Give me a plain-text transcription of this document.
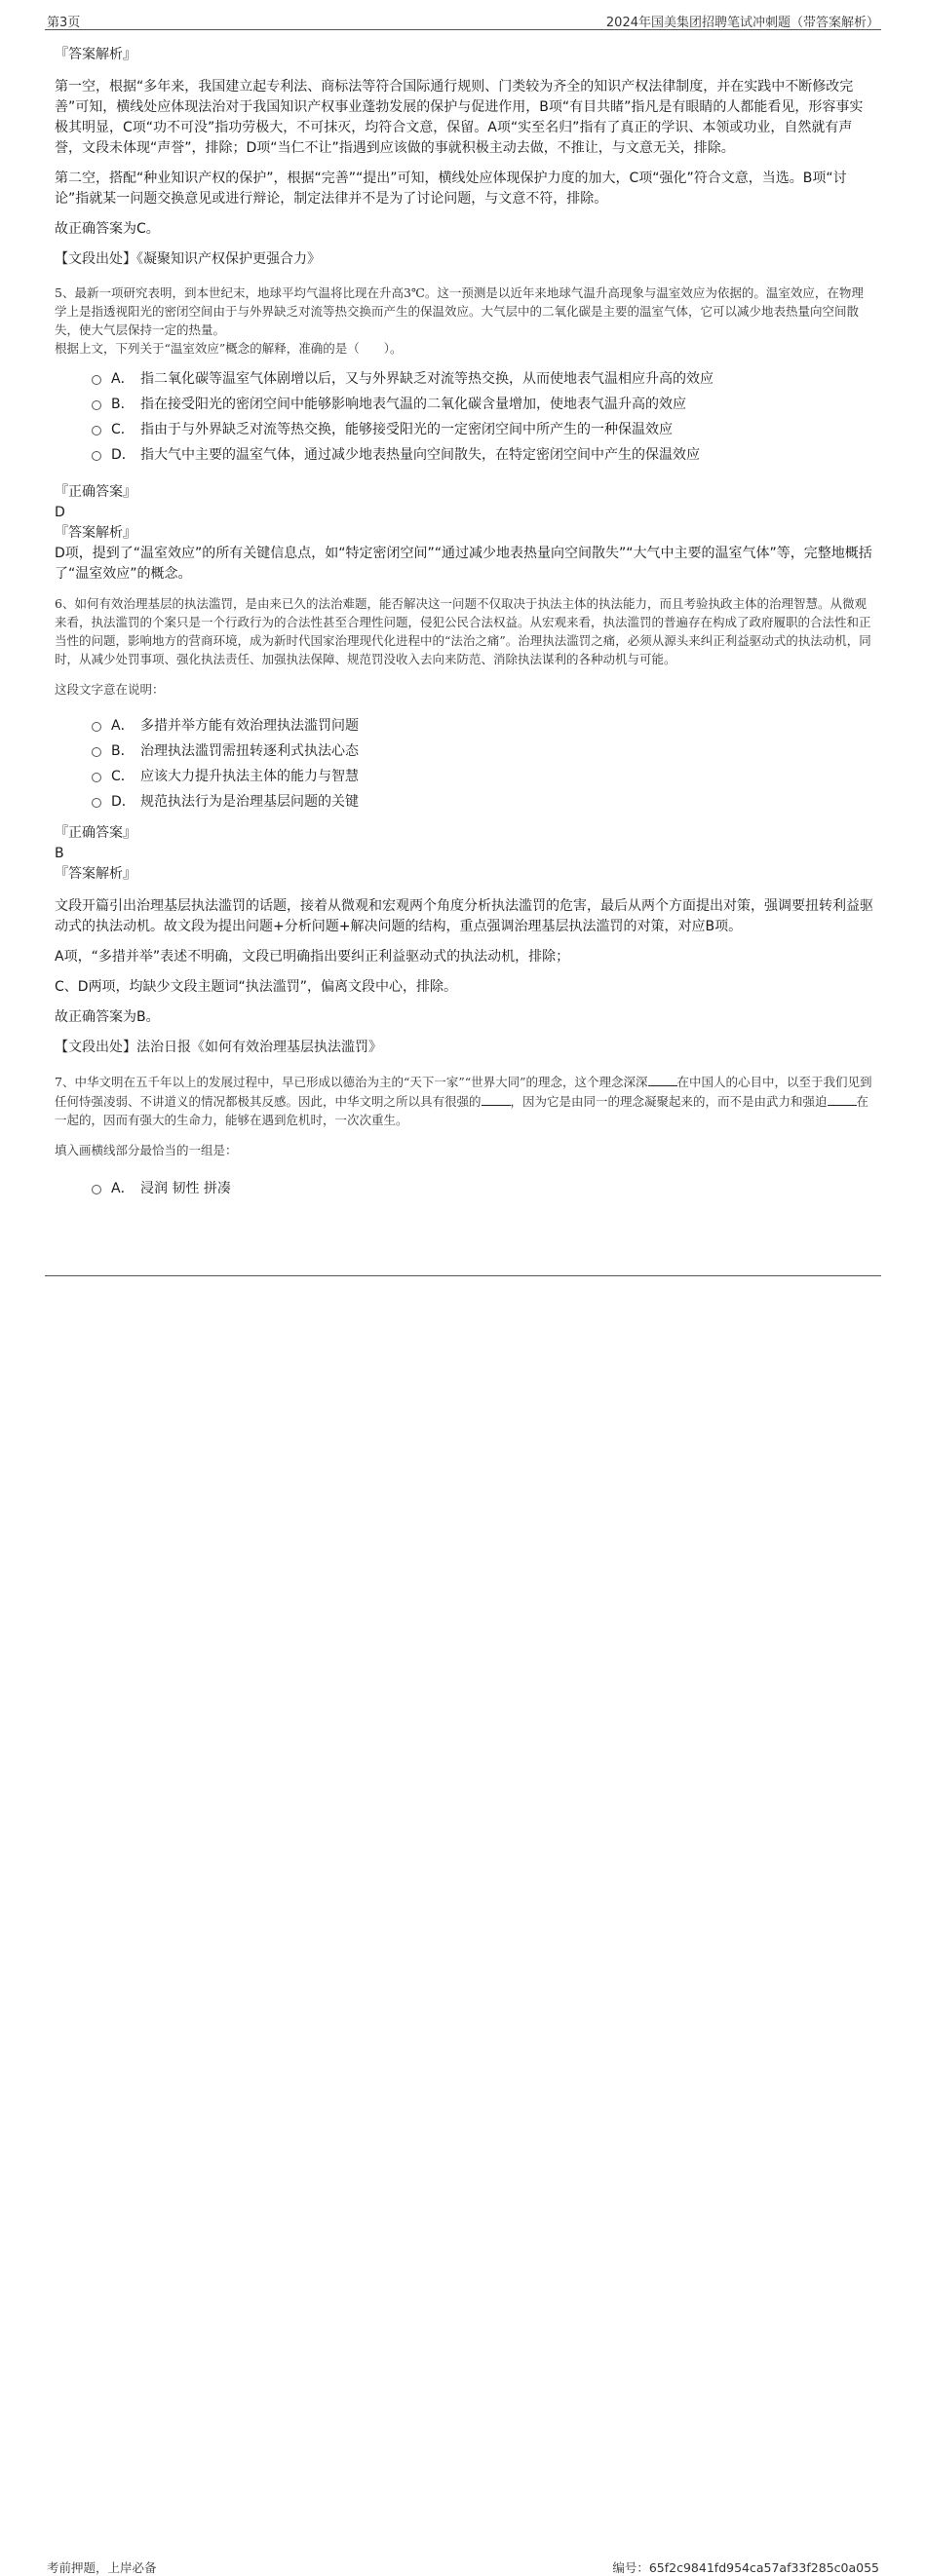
第3页	2024年国美集团招聘笔试冲刺题（带答案解析）

『答案解析』

第一空，根据“多年来，我国建立起专利法、商标法等符合国际通行规则、门类较为齐全的知识产权法律制度，并在实践中不断修改完善”可知，横线处应体现法治对于我国知识产权事业蓬勃发展的保护与促进作用，B项“有目共睹”指凡是有眼睛的人都能看见，形容事实极其明显，C项“功不可没”指功劳极大，不可抹灭，均符合文意，保留。A项“实至名归”指有了真正的学识、本领或功业，自然就有声誉，文段未体现“声誉”，排除；D项“当仁不让”指遇到应该做的事就积极主动去做，不推让，与文意无关，排除。

第二空，搭配“种业知识产权的保护”，根据“完善”“提出”可知，横线处应体现保护力度的加大，C项“强化”符合文意，当选。B项“讨论”指就某一问题交换意见或进行辩论，制定法律并不是为了讨论问题，与文意不符，排除。

故正确答案为C。

【文段出处】《凝聚知识产权保护更强合力》

5、最新一项研究表明，到本世纪末，地球平均气温将比现在升高3℃。这一预测是以近年来地球气温升高现象与温室效应为依据的。温室效应，在物理学上是指透视阳光的密闭空间由于与外界缺乏对流等热交换而产生的保温效应。大气层中的二氧化碳是主要的温室气体，它可以减少地表热量向空间散失，使大气层保持一定的热量。
根据上文，下列关于“温室效应”概念的解释，准确的是（　　）。
A． 指二氧化碳等温室气体剧增以后，又与外界缺乏对流等热交换，从而使地表气温相应升高的效应
B． 指在接受阳光的密闭空间中能够影响地表气温的二氧化碳含量增加，使地表气温升高的效应
C． 指由于与外界缺乏对流等热交换，能够接受阳光的一定密闭空间中所产生的一种保温效应
D． 指大气中主要的温室气体，通过减少地表热量向空间散失，在特定密闭空间中产生的保温效应

『正确答案』

D

『答案解析』

D项，提到了“温室效应”的所有关键信息点，如“特定密闭空间”“通过减少地表热量向空间散失”“大气中主要的温室气体”等，完整地概括了“温室效应”的概念。

6、如何有效治理基层的执法滥罚，是由来已久的法治难题，能否解决这一问题不仅取决于执法主体的执法能力，而且考验执政主体的治理智慧。从微观来看，执法滥罚的个案只是一个行政行为的合法性甚至合理性问题，侵犯公民合法权益。从宏观来看，执法滥罚的普遍存在构成了政府履职的合法性和正当性的问题，影响地方的营商环境，成为新时代国家治理现代化进程中的“法治之痛”。治理执法滥罚之痛，必须从源头来纠正利益驱动式的执法动机，同时，从减少处罚事项、强化执法责任、加强执法保障、规范罚没收入去向来防范、消除执法谋利的各种动机与可能。
这段文字意在说明：
A． 多措并举方能有效治理执法滥罚问题
B． 治理执法滥罚需扭转逐利式执法心态
C． 应该大力提升执法主体的能力与智慧
D． 规范执法行为是治理基层问题的关键

『正确答案』

B

『答案解析』

文段开篇引出治理基层执法滥罚的话题，接着从微观和宏观两个角度分析执法滥罚的危害，最后从两个方面提出对策，强调要扭转利益驱动式的执法动机。故文段为提出问题+分析问题+解决问题的结构，重点强调治理基层执法滥罚的对策，对应B项。

A项，“多措并举”表述不明确，文段已明确指出要纠正利益驱动式的执法动机，排除；

C、D两项，均缺少文段主题词“执法滥罚”，偏离文段中心，排除。

故正确答案为B。

【文段出处】法治日报《如何有效治理基层执法滥罚》

7、中华文明在五千年以上的发展过程中，早已形成以德治为主的“天下一家”“世界大同”的理念，这个理念深深 在中国人的心目中，以至于我们见到任何恃强凌弱、不讲道义的情况都极其反感。因此，中华文明之所以具有很强的 ，因为它是由同一的理念凝聚起来的，而不是由武力和强迫 在一起的，因而有强大的生命力，能够在遇到危机时，一次次重生。
填入画横线部分最恰当的一组是：
A． 浸润 韧性 拼凑
考前押题，上岸必备	编号：65f2c9841fd954ca57af33f285c0a055
